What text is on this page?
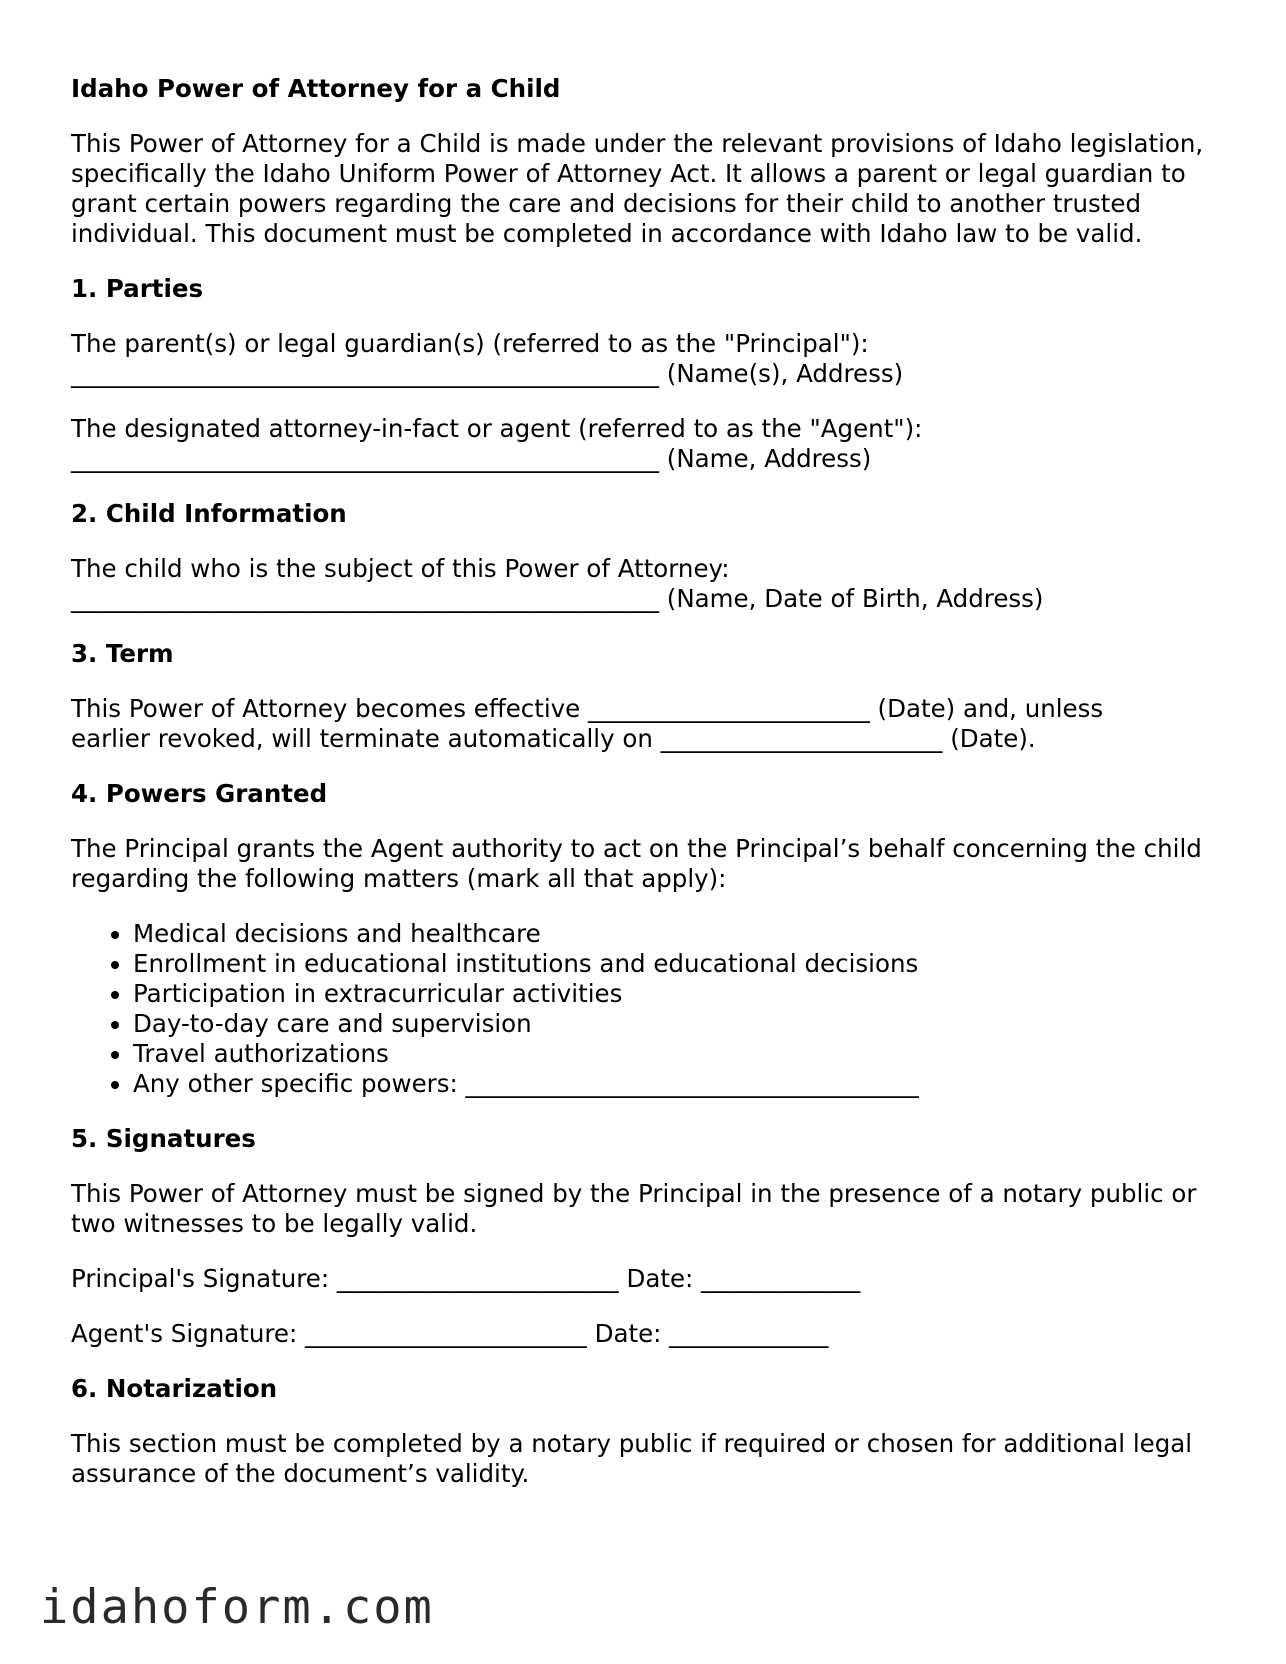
Idaho Power of Attorney for a Child

This Power of Attorney for a Child is made under the relevant provisions of Idaho legislation, specifically the Idaho Uniform Power of Attorney Act. It allows a parent or legal guardian to grant certain powers regarding the care and decisions for their child to another trusted individual. This document must be completed in accordance with Idaho law to be valid.

1. Parties

The parent(s) or legal guardian(s) (referred to as the "Principal"):
________________________________________________ (Name(s), Address)

The designated attorney-in-fact or agent (referred to as the "Agent"):
________________________________________________ (Name, Address)

2. Child Information

The child who is the subject of this Power of Attorney:
________________________________________________ (Name, Date of Birth, Address)

3. Term

This Power of Attorney becomes effective _______________________ (Date) and, unless
earlier revoked, will terminate automatically on _______________________ (Date).

4. Powers Granted

The Principal grants the Agent authority to act on the Principal’s behalf concerning the child regarding the following matters (mark all that apply):

• Medical decisions and healthcare
• Enrollment in educational institutions and educational decisions
• Participation in extracurricular activities
• Day-to-day care and supervision
• Travel authorizations
• Any other specific powers: _____________________________________
5. Signatures

This Power of Attorney must be signed by the Principal in the presence of a notary public or two witnesses to be legally valid.

Principal's Signature: _______________________ Date: _____________

Agent's Signature: _______________________ Date: _____________

6. Notarization

This section must be completed by a notary public if required or chosen for additional legal assurance of the document’s validity.

idahoform.com
